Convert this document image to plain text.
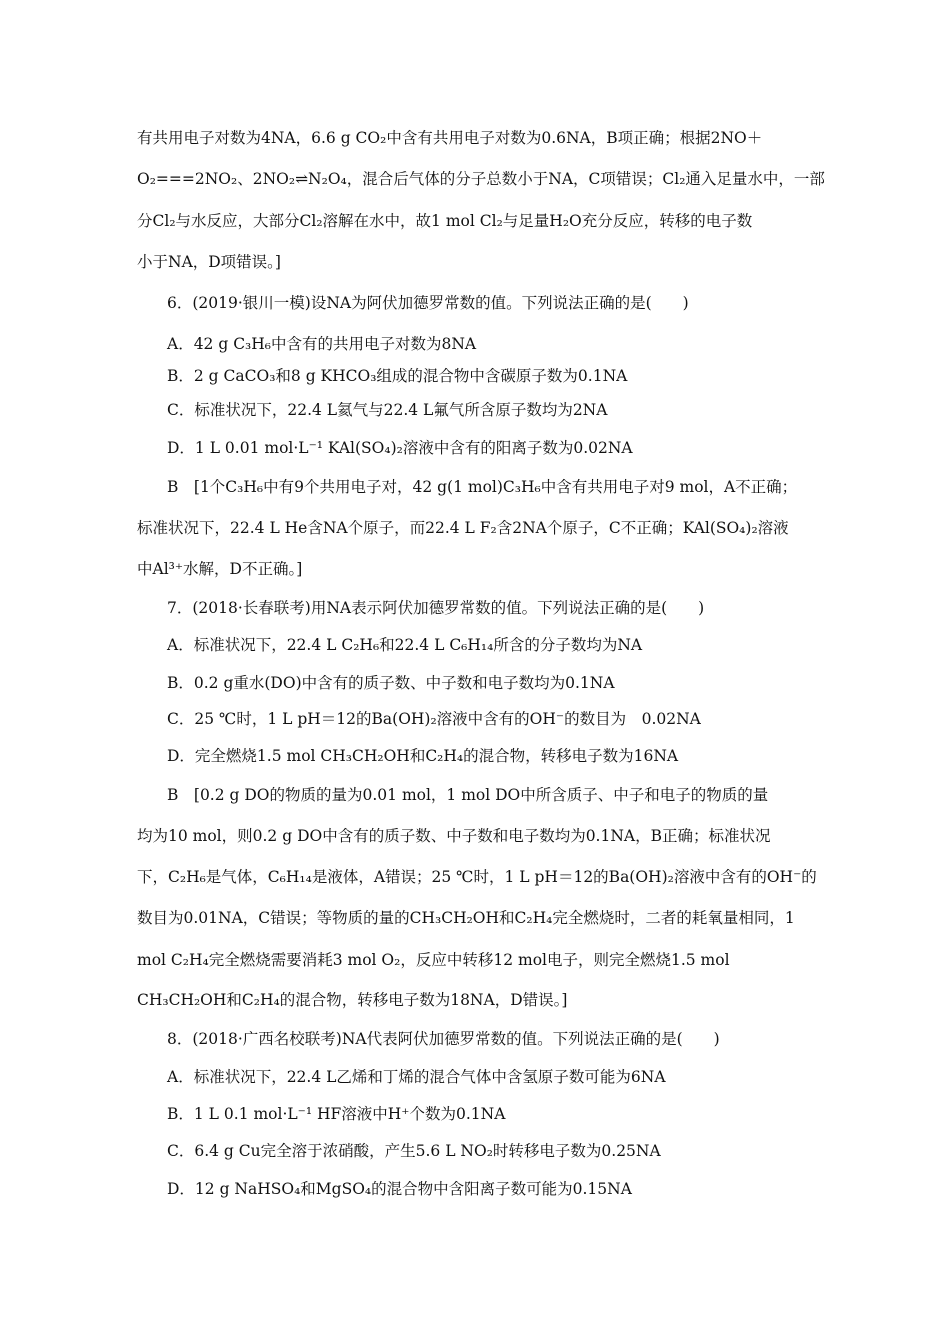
有共用电子对数为4NA，6.6 g CO₂中含有共用电子对数为0.6NA，B项正确；根据2NO＋
O₂===2NO₂、2NO₂⇌N₂O₄，混合后气体的分子总数小于NA，C项错误；Cl₂通入足量水中，一部
分Cl₂与水反应，大部分Cl₂溶解在水中，故1 mol Cl₂与足量H₂O充分反应，转移的电子数
小于NA，D项错误。]
6．(2019·银川一模)设NA为阿伏加德罗常数的值。下列说法正确的是(　　)
A．42 g C₃H₆中含有的共用电子对数为8NA
B．2 g CaCO₃和8 g KHCO₃组成的混合物中含碳原子数为0.1NA
C．标准状况下，22.4 L氦气与22.4 L氟气所含原子数均为2NA
D．1 L 0.01 mol·L⁻¹ KAl(SO₄)₂溶液中含有的阳离子数为0.02NA
B　[1个C₃H₆中有9个共用电子对，42 g(1 mol)C₃H₆中含有共用电子对9 mol，A不正确；
标准状况下，22.4 L He含NA个原子，而22.4 L F₂含2NA个原子，C不正确；KAl(SO₄)₂溶液
中Al³⁺水解，D不正确。]
7．(2018·长春联考)用NA表示阿伏加德罗常数的值。下列说法正确的是(　　)
A．标准状况下，22.4 L C₂H₆和22.4 L C₆H₁₄所含的分子数均为NA
B．0.2 g重水(DO)中含有的质子数、中子数和电子数均为0.1NA
C．25 ℃时，1 L pH＝12的Ba(OH)₂溶液中含有的OH⁻的数目为　0.02NA
D．完全燃烧1.5 mol CH₃CH₂OH和C₂H₄的混合物，转移电子数为16NA
B　[0.2 g DO的物质的量为0.01 mol，1 mol DO中所含质子、中子和电子的物质的量
均为10 mol，则0.2 g DO中含有的质子数、中子数和电子数均为0.1NA，B正确；标准状况
下，C₂H₆是气体，C₆H₁₄是液体，A错误；25 ℃时，1 L pH＝12的Ba(OH)₂溶液中含有的OH⁻的
数目为0.01NA，C错误；等物质的量的CH₃CH₂OH和C₂H₄完全燃烧时，二者的耗氧量相同，1
mol C₂H₄完全燃烧需要消耗3 mol O₂，反应中转移12 mol电子，则完全燃烧1.5 mol
CH₃CH₂OH和C₂H₄的混合物，转移电子数为18NA，D错误。]
8．(2018·广西名校联考)NA代表阿伏加德罗常数的值。下列说法正确的是(　　)
A．标准状况下，22.4 L乙烯和丁烯的混合气体中含氢原子数可能为6NA
B．1 L 0.1 mol·L⁻¹ HF溶液中H⁺个数为0.1NA
C．6.4 g Cu完全溶于浓硝酸，产生5.6 L NO₂时转移电子数为0.25NA
D．12 g NaHSO₄和MgSO₄的混合物中含阳离子数可能为0.15NA
